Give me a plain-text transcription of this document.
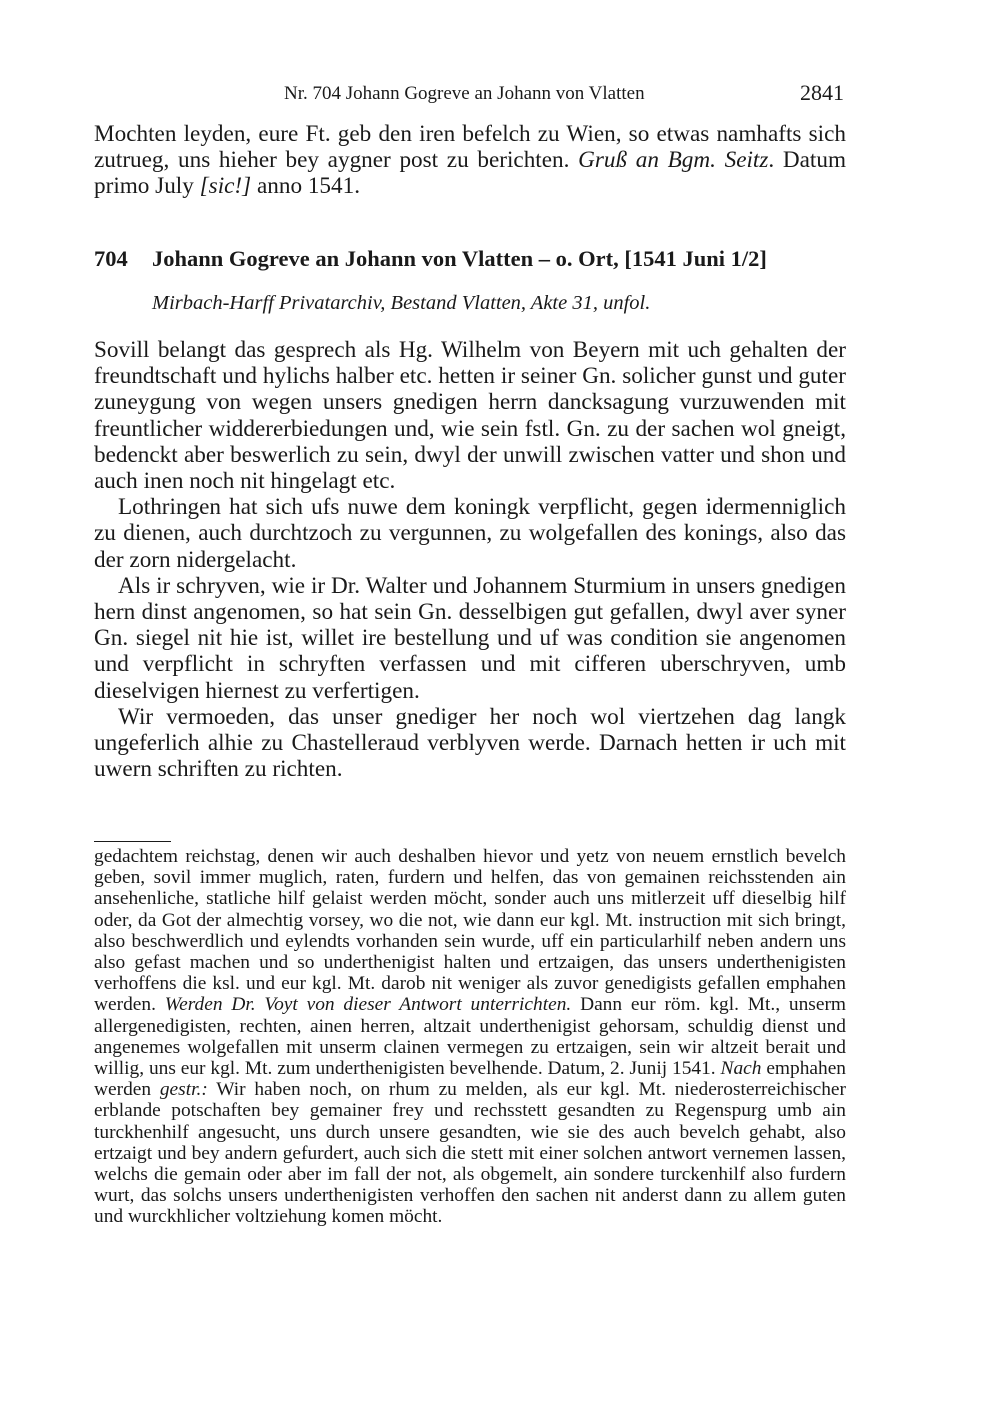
Nr. 704 Johann Gogreve an Johann von Vlatten	2841

Mochten leyden, eure Ft. geb den iren befelch zu Wien, so etwas namhafts sich zutrueg, uns hieher bey aygner post zu berichten. Gruß an Bgm. Seitz. Datum primo July [sic!] anno 1541.

704 Johann Gogreve an Johann von Vlatten – o. Ort, [1541 Juni 1/2]
Mirbach-Harff Privatarchiv, Bestand Vlatten, Akte 31, unfol.

Sovill belangt das gesprech als Hg. Wilhelm von Beyern mit uch gehalten der freundtschaft und hylichs halber etc. hetten ir seiner Gn. solicher gunst und guter zuneygung von wegen unsers gnedigen herrn dancksagung vurzuwenden mit freuntlicher widdererbiedungen und, wie sein fstl. Gn. zu der sachen wol gneigt, bedenckt aber beswerlich zu sein, dwyl der unwill zwischen vatter und shon und auch inen noch nit hingelagt etc.

Lothringen hat sich ufs nuwe dem koningk verpflicht, gegen idermenniglich zu dienen, auch durchtzoch zu vergunnen, zu wolgefallen des konings, also das der zorn nidergelacht.

Als ir schryven, wie ir Dr. Walter und Johannem Sturmium in unsers gnedigen hern dinst angenomen, so hat sein Gn. desselbigen gut gefallen, dwyl aver syner Gn. siegel nit hie ist, willet ire bestellung und uf was condition sie angenomen und verpflicht in schryften verfassen und mit cifferen uberschryven, umb dieselvigen hiernest zu verfertigen.

Wir vermoeden, das unser gnediger her noch wol viertzehen dag langk ungeferlich alhie zu Chastelleraud verblyven werde. Darnach hetten ir uch mit uwern schriften zu richten.

gedachtem reichstag, denen wir auch deshalben hievor und yetz von neuem ernstlich bevelch geben, sovil immer muglich, raten, furdern und helfen, das von gemainen reichsstenden ain ansehenliche, statliche hilf gelaist werden möcht, sonder auch uns mitlerzeit uff dieselbig hilf oder, da Got der almechtig vorsey, wo die not, wie dann eur kgl. Mt. instruction mit sich bringt, also beschwerdlich und eylendts vorhanden sein wurde, uff ein particularhilf neben andern uns also gefast machen und so underthenigist halten und ertzaigen, das unsers underthenigisten verhoffens die ksl. und eur kgl. Mt. darob nit weniger als zuvor genedigists gefallen emphahen werden. Werden Dr. Voyt von dieser Antwort unterrichten. Dann eur röm. kgl. Mt., unserm allergenedigisten, rechten, ainen herren, altzait underthenigist gehorsam, schuldig dienst und angenemes wolgefallen mit unserm clainen vermegen zu ertzaigen, sein wir altzeit berait und willig, uns eur kgl. Mt. zum underthenigisten bevelhende. Datum, 2. Junij 1541. Nach emphahen werden gestr.: Wir haben noch, on rhum zu melden, als eur kgl. Mt. niederosterreichischer erblande potschaften bey gemainer frey und rechsstett gesandten zu Regenspurg umb ain turckhenhilf angesucht, uns durch unsere gesandten, wie sie des auch bevelch gehabt, also ertzaigt und bey andern gefurdert, auch sich die stett mit einer solchen antwort vernemen lassen, welchs die gemain oder aber im fall der not, als obgemelt, ain sondere turckenhilf also furdern wurt, das solchs unsers underthenigisten verhoffen den sachen nit anderst dann zu allem guten und wurckhlicher voltziehung komen möcht.
